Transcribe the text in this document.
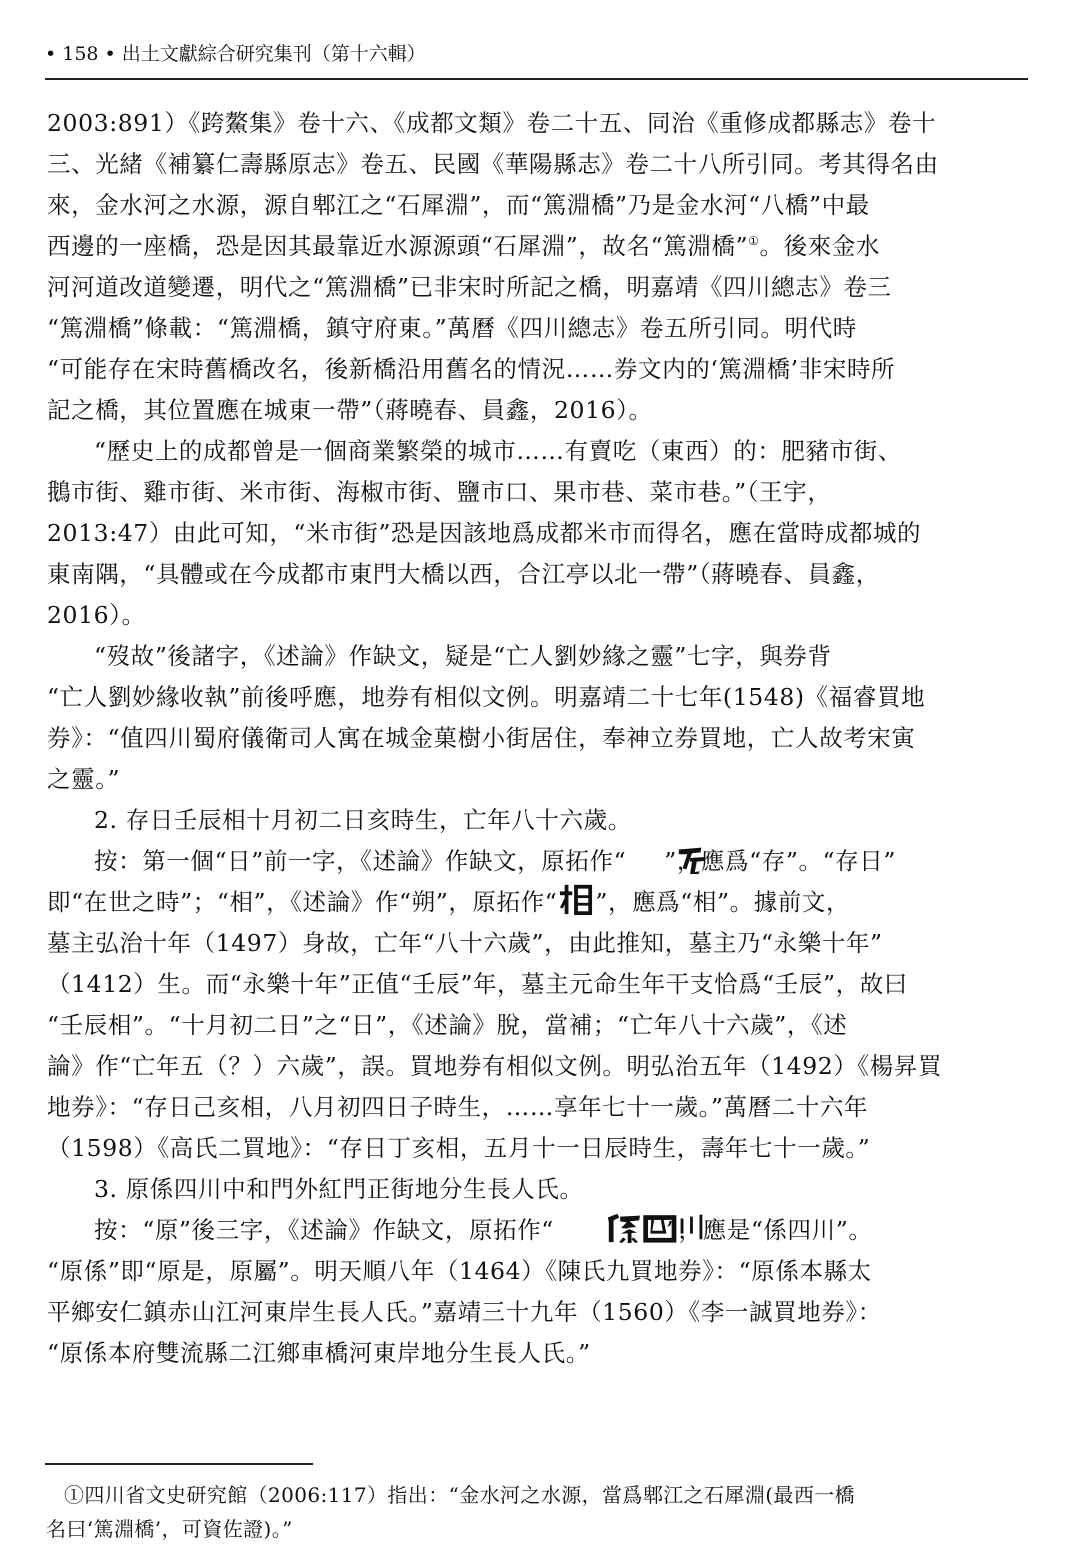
• 158 • 出土文獻綜合研究集刊（第十六輯）

2003:891）《跨鰲集》卷十六、《成都文類》卷二十五、同治《重修成都縣志》卷十
三、光緒《補纂仁壽縣原志》卷五、民國《華陽縣志》卷二十八所引同。考其得名由
來，金水河之水源，源自郫江之“石犀淵”，而“篤淵橋”乃是金水河“八橋”中最
西邊的一座橋，恐是因其最靠近水源源頭“石犀淵”，故名“篤淵橋”①。後來金水
河河道改道變遷，明代之“篤淵橋”已非宋时所記之橋，明嘉靖《四川總志》卷三
“篤淵橋”條載：“篤淵橋，鎮守府東。”萬曆《四川總志》卷五所引同。明代時
“可能存在宋時舊橋改名，後新橋沿用舊名的情況……券文内的‘篤淵橋’非宋時所
記之橋，其位置應在城東一帶”（蔣曉春、員鑫，2016）。

“歷史上的成都曾是一個商業繁榮的城市……有賣吃（東西）的：肥豬市街、
鵝市街、雞市街、米市街、海椒市街、鹽市口、果市巷、菜市巷。”（王宇，
2013:47）由此可知，“米市街”恐是因該地爲成都米市而得名，應在當時成都城的
東南隅，“具體或在今成都市東門大橋以西，合江亭以北一帶”（蔣曉春、員鑫，
2016）。

“歿故”後諸字，《述論》作缺文，疑是“亡人劉妙緣之靈”七字，與券背
“亡人劉妙緣收執”前後呼應，地券有相似文例。明嘉靖二十七年(1548)《福睿買地
券》：“值四川蜀府儀衛司人寓在城金菓樹小街居住，奉神立券買地，亡人故考宋寅
之靈。”

2. 存日壬辰相十月初二日亥時生，亡年八十六歲。

按：第一個“日”前一字，《述論》作缺文，原拓作“ ”，應爲“存”。“存日”
即“在世之時”；“相”，《述論》作“朔”，原拓作“ ”，應爲“相”。據前文，
墓主弘治十年（1497）身故，亡年“八十六歲”，由此推知，墓主乃“永樂十年”
（1412）生。而“永樂十年”正值“壬辰”年，墓主元命生年干支恰爲“壬辰”，故曰
“壬辰相”。“十月初二日”之“日”，《述論》脫，當補；“亡年八十六歲”，《述
論》作“亡年五（？）六歲”，誤。買地券有相似文例。明弘治五年（1492）《楊昇買
地券》：“存日己亥相，八月初四日子時生，……享年七十一歲。”萬曆二十六年
（1598）《高氏二買地》：“存日丁亥相，五月十一日辰時生，壽年七十一歲。”

3. 原係四川中和門外紅門正街地分生長人氏。

按：“原”後三字，《述論》作缺文，原拓作“	”，應是“係四川”。
“原係”即“原是，原屬”。明天順八年（1464）《陳氏九買地券》：“原係本縣太
平鄉安仁鎮赤山江河東岸生長人氏。”嘉靖三十九年（1560）《李一誠買地券》：
“原係本府雙流縣二江鄉車橋河東岸地分生長人氏。”

①四川省文史研究館（2006:117）指出：“金水河之水源，當爲郫江之石犀淵(最西一橋
名曰‘篤淵橋’，可資佐證)。”
